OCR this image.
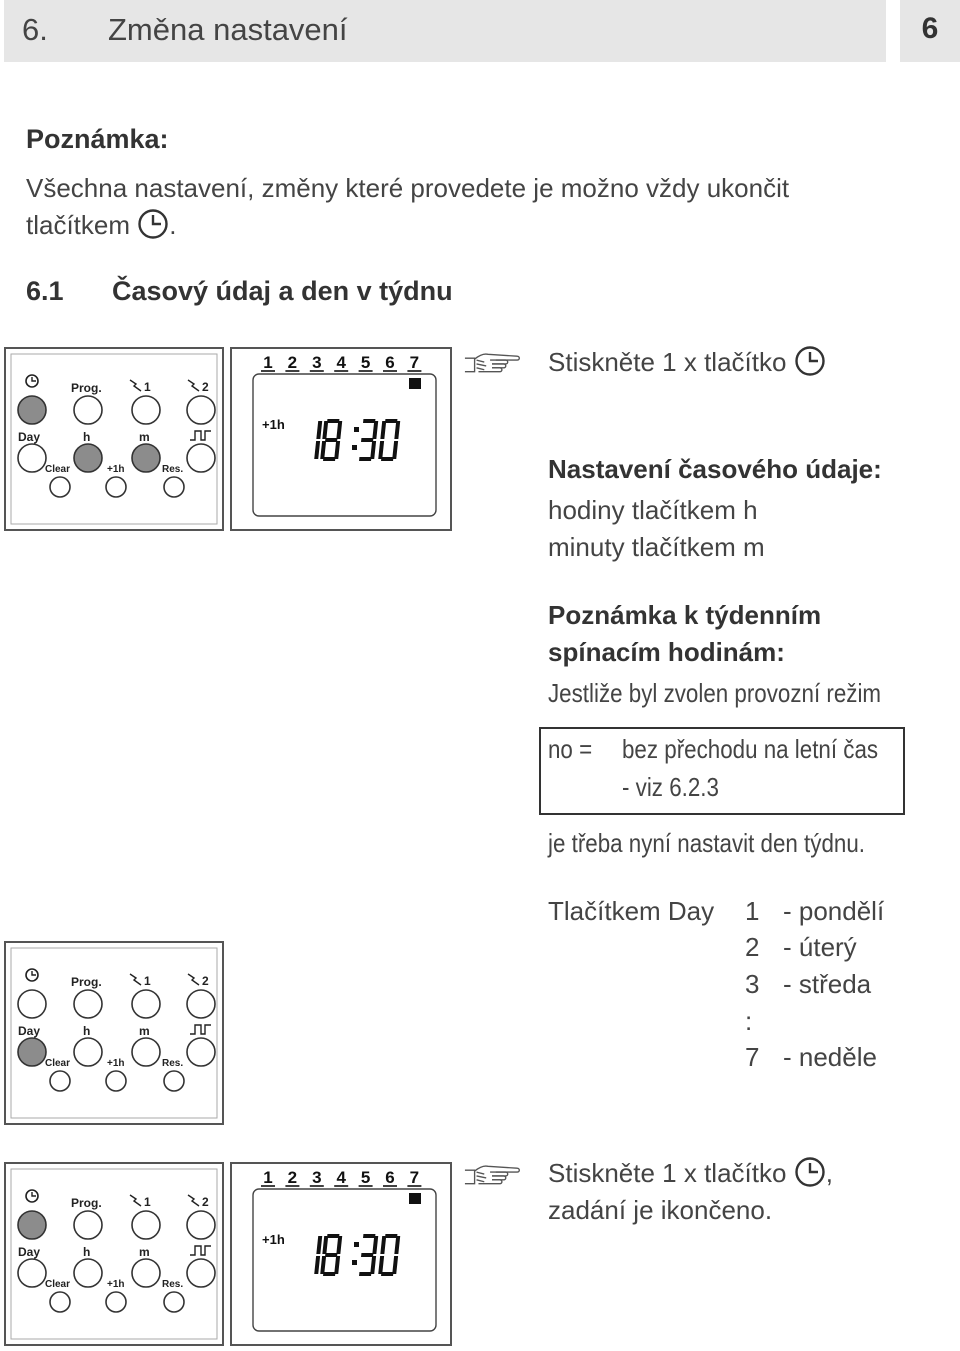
6. Změna nastavení	6
Poznámka:
Všechna nastavení, změny které provedete je možno vždy ukončit
tlačítkem .
6.1 Časový údaj a den v týdnu
Prog.	1	2
Day	h	m
Clear	+1h	Res.
1 2 3 4 5 6 7
+1h
Prog.	1	2
Day	h	m
Clear	+1h	Res.
Prog.	1	2
Day	h	m
Clear	+1h	Res.
1 2 3 4 5 6 7
+1h
Stiskněte 1 x tlačítko
Nastavení časového údaje:
hodiny tlačítkem h
minuty tlačítkem m
Poznámka k týdenním
spínacím hodinám:
Jestliže byl zvolen provozní režim
no = bez přechodu na letní čas
- viz 6.2.3
je třeba nyní nastavit den týdnu.
Tlačítkem Day 1 - pondělí
2 - úterý
3 - středa
:
7 - neděle
Stiskněte 1 x tlačítko ,
zadání je ikončeno.
